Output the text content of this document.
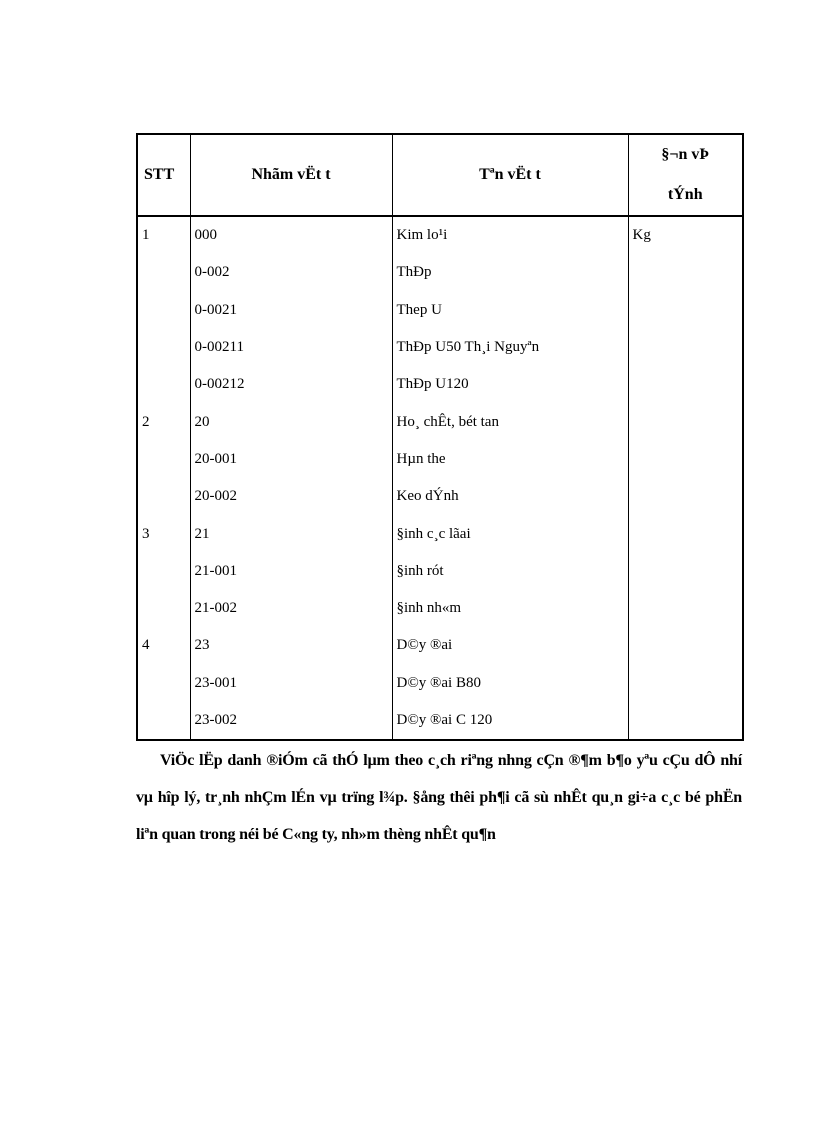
STT	Nhãm vËt t	Tªn vËt t	§¬n vÞ
tÝnh

1	000	Kim lo¹i	Kg
	0-002	ThÐp	
	0-0021	Thep U	
	0-00211	ThÐp U50 Th¸i Nguyªn	
	0-00212	ThÐp U120	
2	20	Ho¸ chÊt, bét tan	
	20-001	Hµn the	
	20-002	Keo dÝnh	
3	21	§inh c¸c lãai	
	21-001	§inh rót	
	21-002	§inh nh«m	
4	23	D©y ®ai	
	23-001	D©y ®ai B80	
	23-002	D©y ®ai C 120	

ViÖc lËp danh ®iÓm cã thÓ lµm theo c¸ch riªng nhng cÇn ®¶m b¶o yªu cÇu dÔ nhí vµ hîp lý, tr¸nh nhÇm lÉn vµ trïng l¾p. §ång thêi ph¶i cã sù nhÊt qu¸n gi÷a c¸c bé phËn liªn quan trong néi bé C«ng ty, nh»m thèng nhÊt qu¶n
